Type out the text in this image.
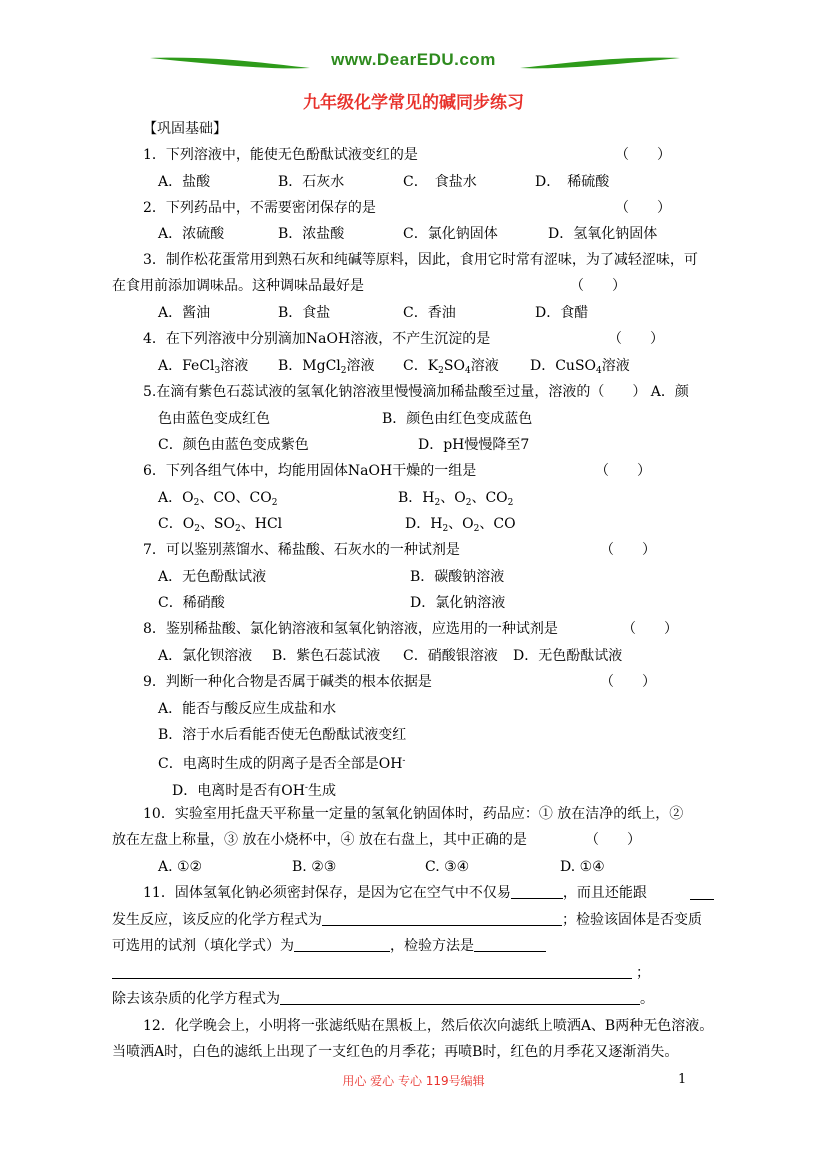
www.DearEDU.com
九年级化学常见的碱同步练习
【巩固基础】
1．下列溶液中，能使无色酚酞试液变红的是	（　　）
A．盐酸	B．石灰水	C．　食盐水	D．　稀硫酸
2．下列药品中，不需要密闭保存的是	（　　）
A．浓硫酸	B．浓盐酸	C．氯化钠固体	D．氢氧化钠固体
3．制作松花蛋常用到熟石灰和纯碱等原料，因此，食用它时常有涩味，为了减轻涩味，可
在食用前添加调味品。这种调味品最好是	（　　）
A．酱油	B．食盐	C．香油	D．食醋
4．在下列溶液中分别滴加NaOH溶液，不产生沉淀的是	（　　）
A．FeCl$_3$溶液 B．MgCl$_2$溶液 C．$K_2SO_4$溶液 D．CuSO$_4$溶液
5.在滴有紫色石蕊试液的氢氧化钠溶液里慢慢滴加稀盐酸至过量，溶液的（　　） A．颜
色由蓝色变成红色	B．颜色由红色变成蓝色
C．颜色由蓝色变成紫色	D．pH慢慢降至7
6．下列各组气体中，均能用固体NaOH干燥的一组是	（　　）
A．$O_2$、CO、$CO_2$	B．$H_2$、$O_2$、$CO_2$
C．$O_2$、$SO_2$、HCl	D．$H_2$、$O_2$、CO
7．可以鉴别蒸馏水、稀盐酸、石灰水的一种试剂是	（　　）
A．无色酚酞试液	B．碳酸钠溶液
C．稀硝酸	D．氯化钠溶液
8．鉴别稀盐酸、氯化钠溶液和氢氧化钠溶液，应选用的一种试剂是	（　　）
A．氯化钡溶液 B．紫色石蕊试液 C．硝酸银溶液 D．无色酚酞试液
9．判断一种化合物是否属于碱类的根本依据是	（　　）
A．能否与酸反应生成盐和水
B．溶于水后看能否使无色酚酞试液变红
C．电离时生成的阴离子是否全部是OH-
D．电离时是否有OH-生成
10．实验室用托盘天平称量一定量的氢氧化钠固体时，药品应：① 放在洁净的纸上，②
放在左盘上称量，③ 放在小烧杯中，④ 放在右盘上，其中正确的是	（　　）
A. ①②	B. ②③	C. ③④	D. ①④
11．固体氢氧化钠必须密封保存，是因为它在空气中不仅易	，而且还能跟
发生反应，该反应的化学方程式为	；检验该固体是否变质
可选用的试剂（填化学式）为	，检验方法是
；
除去该杂质的化学方程式为	。
12．化学晚会上，小明将一张滤纸贴在黑板上，然后依次向滤纸上喷洒A、B两种无色溶液。
当喷洒A时，白色的滤纸上出现了一支红色的月季花；再喷B时，红色的月季花又逐渐消失。
用心 爱心 专心 119号编辑	1
